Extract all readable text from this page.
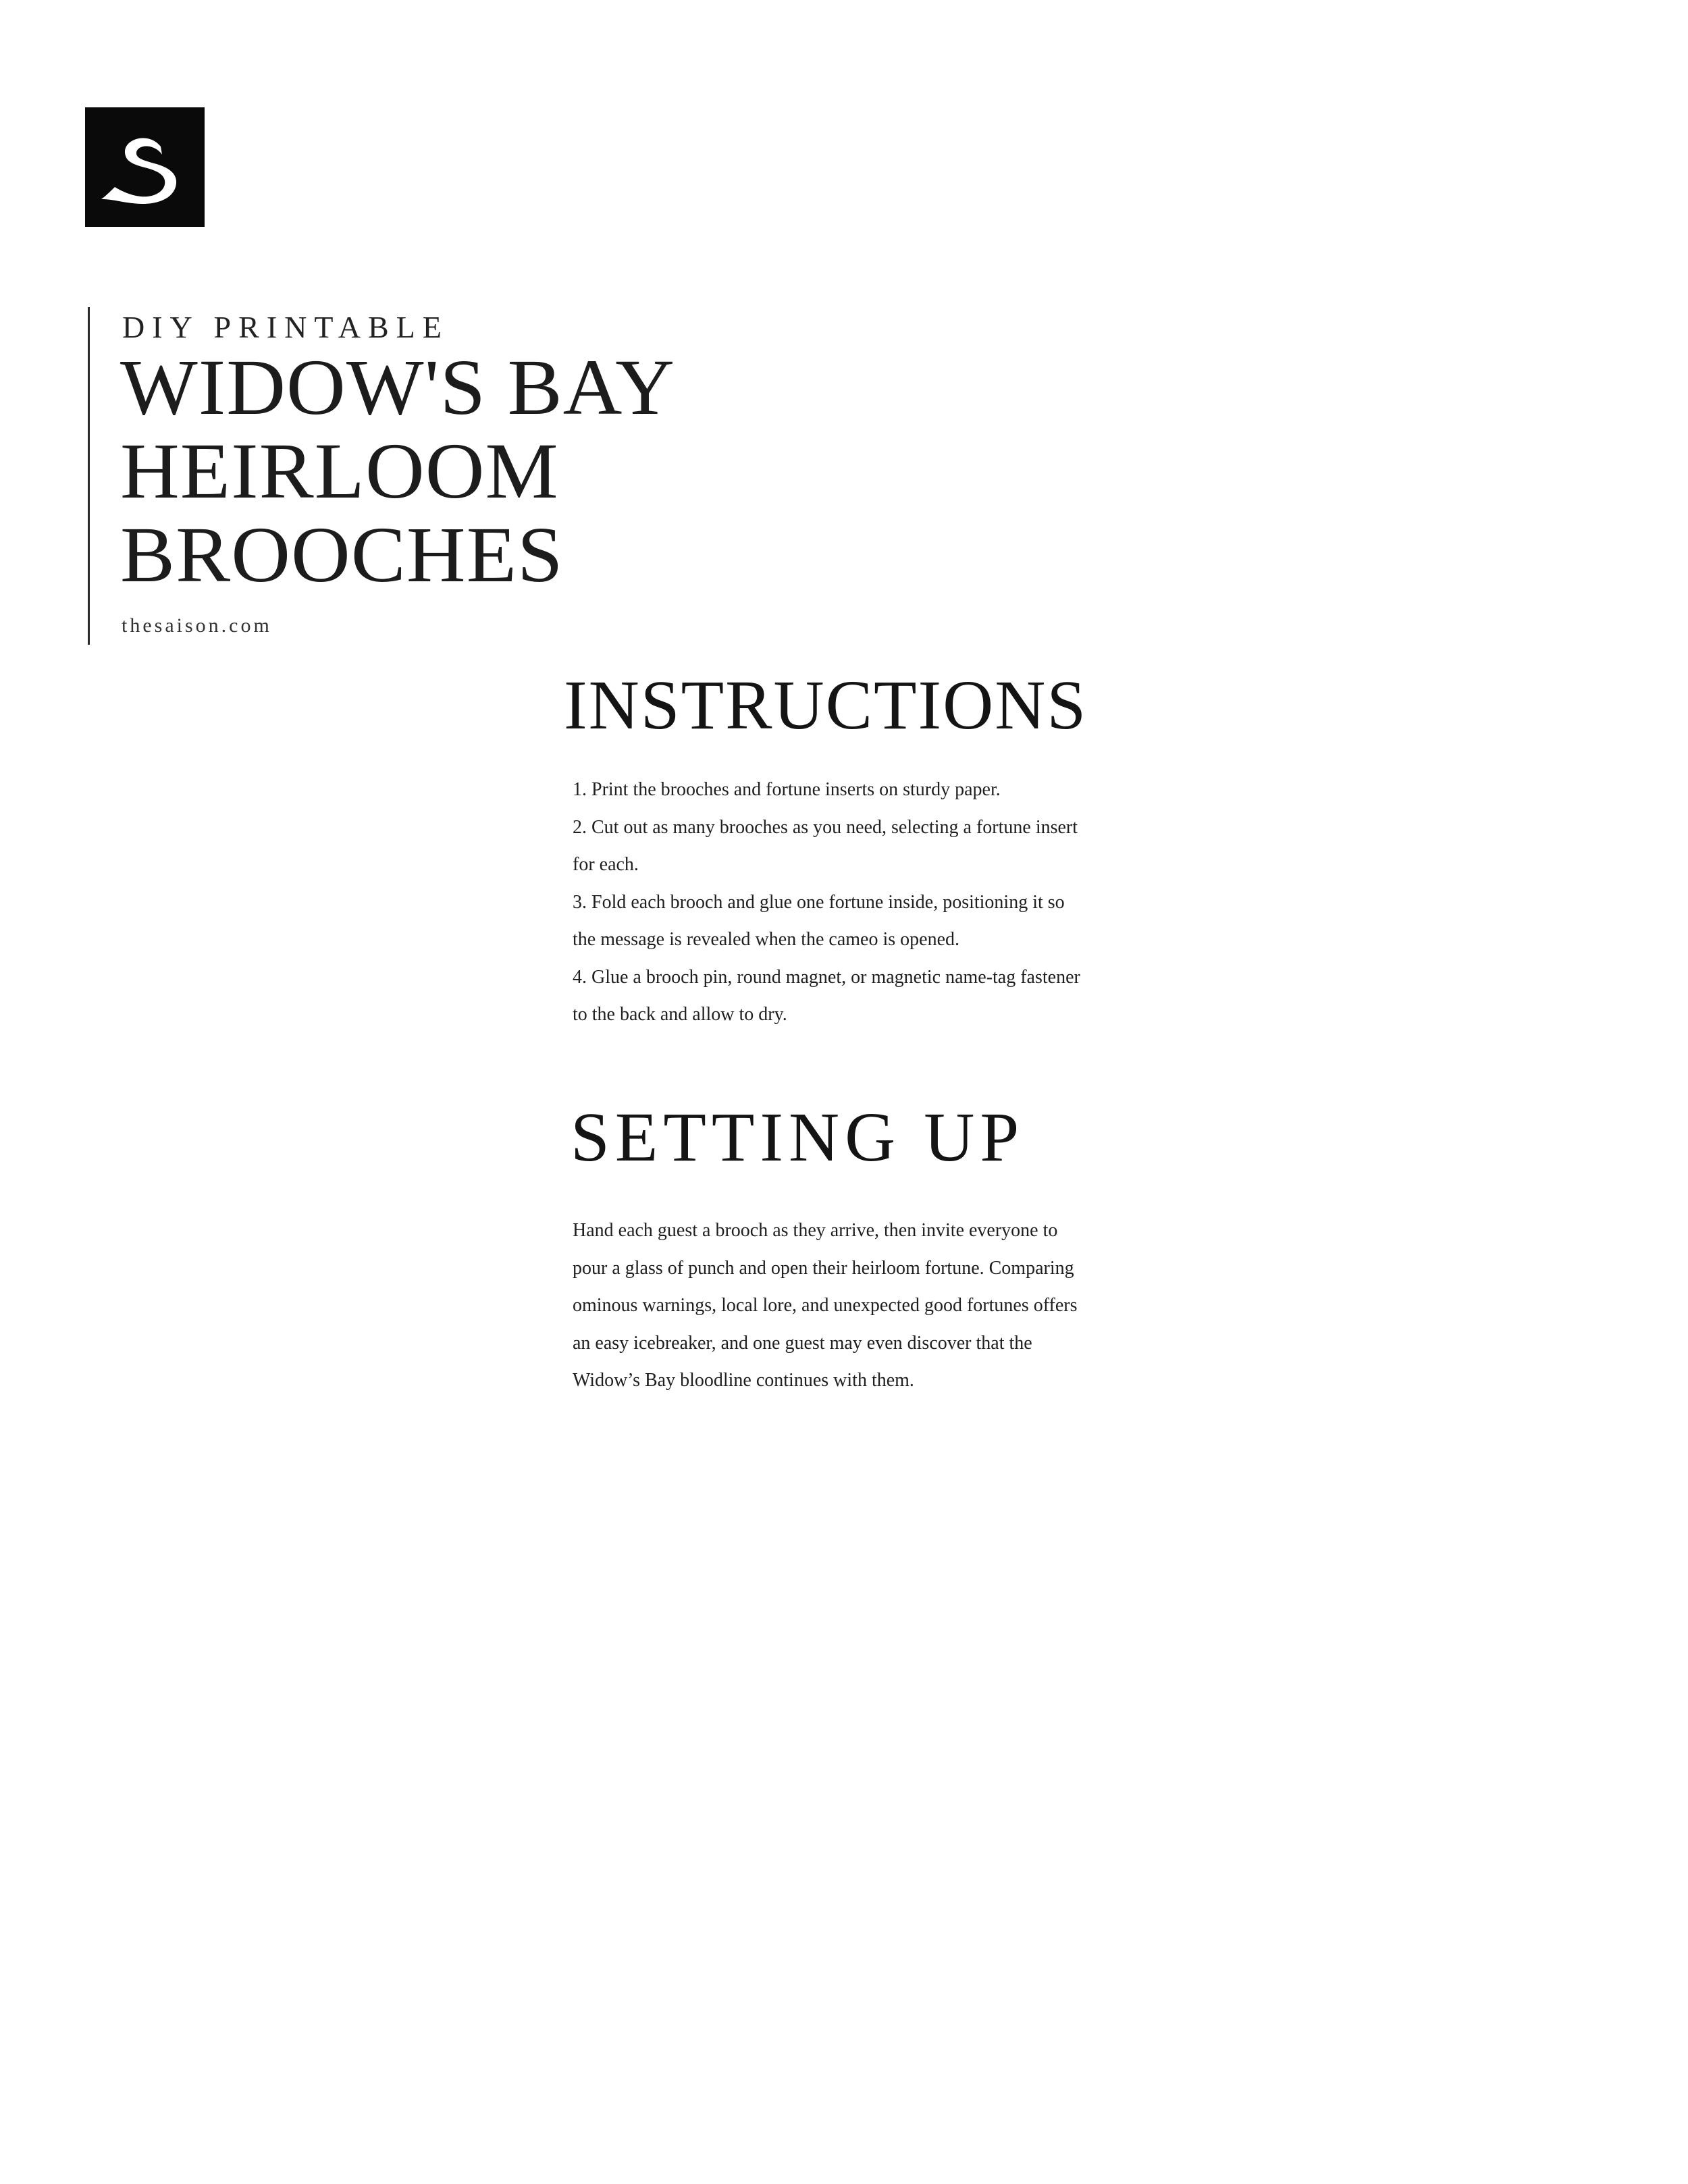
DIY PRINTABLE
WIDOW'S BAY
HEIRLOOM
BROOCHES
thesaison.com
INSTRUCTIONS
1. Print the brooches and fortune inserts on sturdy paper.
2. Cut out as many brooches as you need, selecting a fortune insert for each.
3. Fold each brooch and glue one fortune inside, positioning it so the message is revealed when the cameo is opened.
4. Glue a brooch pin, round magnet, or magnetic name-tag fastener to the back and allow to dry.
SETTING UP

Hand each guest a brooch as they arrive, then invite everyone to pour a glass of punch and open their heirloom fortune. Comparing ominous warnings, local lore, and unexpected good fortunes offers an easy icebreaker, and one guest may even discover that the Widow’s Bay bloodline continues with them.
